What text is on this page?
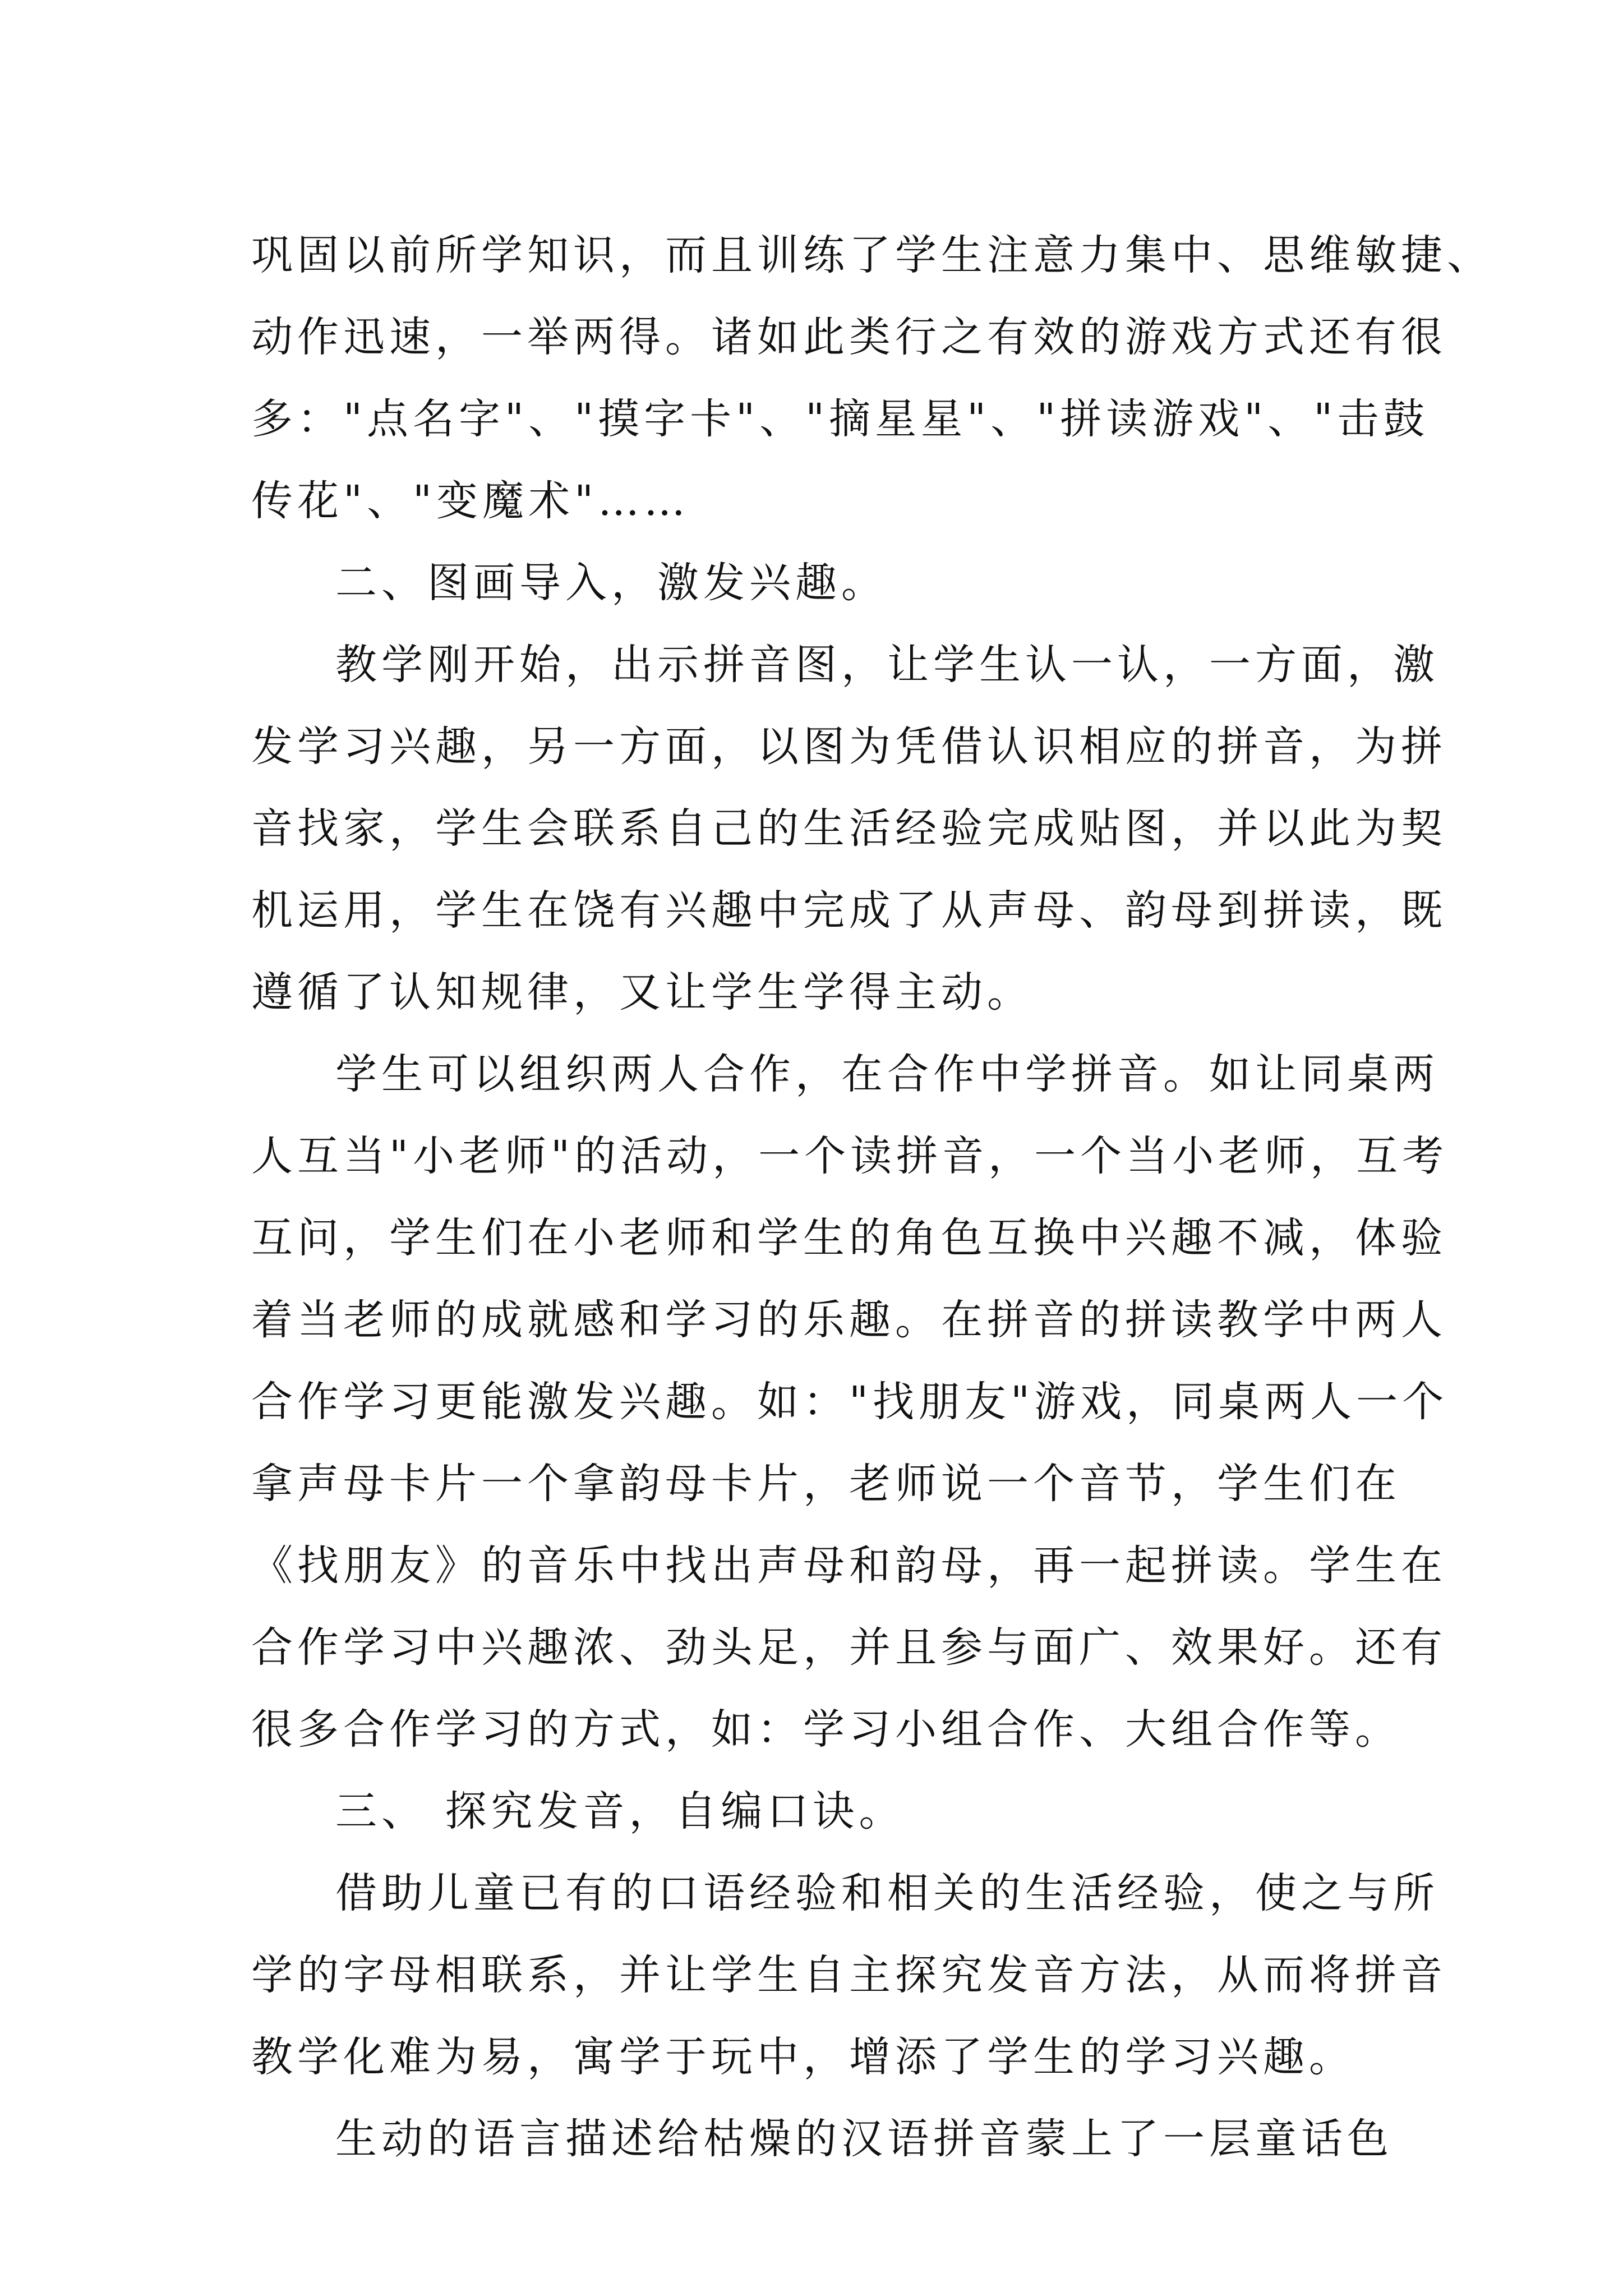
巩固以前所学知识，而且训练了学生注意力集中、思维敏捷、
动作迅速，一举两得。诸如此类行之有效的游戏方式还有很
多："点名字"、"摸字卡"、"摘星星"、"拼读游戏"、"击鼓
传花"、"变魔术"……
二、图画导入，激发兴趣。
教学刚开始，出示拼音图，让学生认一认，一方面，激
发学习兴趣，另一方面，以图为凭借认识相应的拼音，为拼
音找家，学生会联系自己的生活经验完成贴图，并以此为契
机运用，学生在饶有兴趣中完成了从声母、韵母到拼读，既
遵循了认知规律，又让学生学得主动。
学生可以组织两人合作，在合作中学拼音。如让同桌两
人互当"小老师"的活动，一个读拼音，一个当小老师，互考
互问，学生们在小老师和学生的角色互换中兴趣不减，体验
着当老师的成就感和学习的乐趣。在拼音的拼读教学中两人
合作学习更能激发兴趣。如："找朋友"游戏，同桌两人一个
拿声母卡片一个拿韵母卡片，老师说一个音节，学生们在
《找朋友》的音乐中找出声母和韵母，再一起拼读。学生在
合作学习中兴趣浓、劲头足，并且参与面广、效果好。还有
很多合作学习的方式，如：学习小组合作、大组合作等。
三、 探究发音，自编口诀。
借助儿童已有的口语经验和相关的生活经验，使之与所
学的字母相联系，并让学生自主探究发音方法，从而将拼音
教学化难为易，寓学于玩中，增添了学生的学习兴趣。
生动的语言描述给枯燥的汉语拼音蒙上了一层童话色
